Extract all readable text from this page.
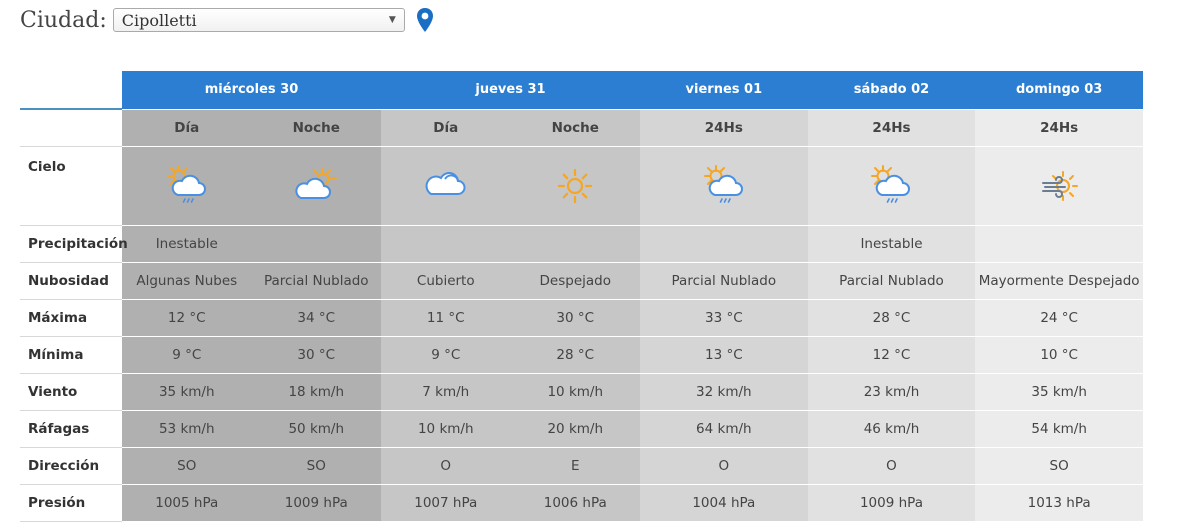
Ciudad: Cipolletti	▼
	miércoles 30		jueves 31		viernes 01	sábado 02	domingo 03
	Día	Noche	Día	Noche	24Hs	24Hs	24Hs
Cielo	

Precipitación	Inestable					Inestable	
Nubosidad	Algunas Nubes	Parcial Nublado	Cubierto	Despejado	Parcial Nublado	Parcial Nublado	Mayormente Despejado
Máxima	12 °C	34 °C	11 °C	30 °C	33 °C	28 °C	24 °C
Mínima	9 °C	30 °C	9 °C	28 °C	13 °C	12 °C	10 °C
Viento	35 km/h	18 km/h	7 km/h	10 km/h	32 km/h	23 km/h	35 km/h
Ráfagas	53 km/h	50 km/h	10 km/h	20 km/h	64 km/h	46 km/h	54 km/h
Dirección	SO	SO	O	E	O	O	SO
Presión	1005 hPa	1009 hPa	1007 hPa	1006 hPa	1004 hPa	1009 hPa	1013 hPa
